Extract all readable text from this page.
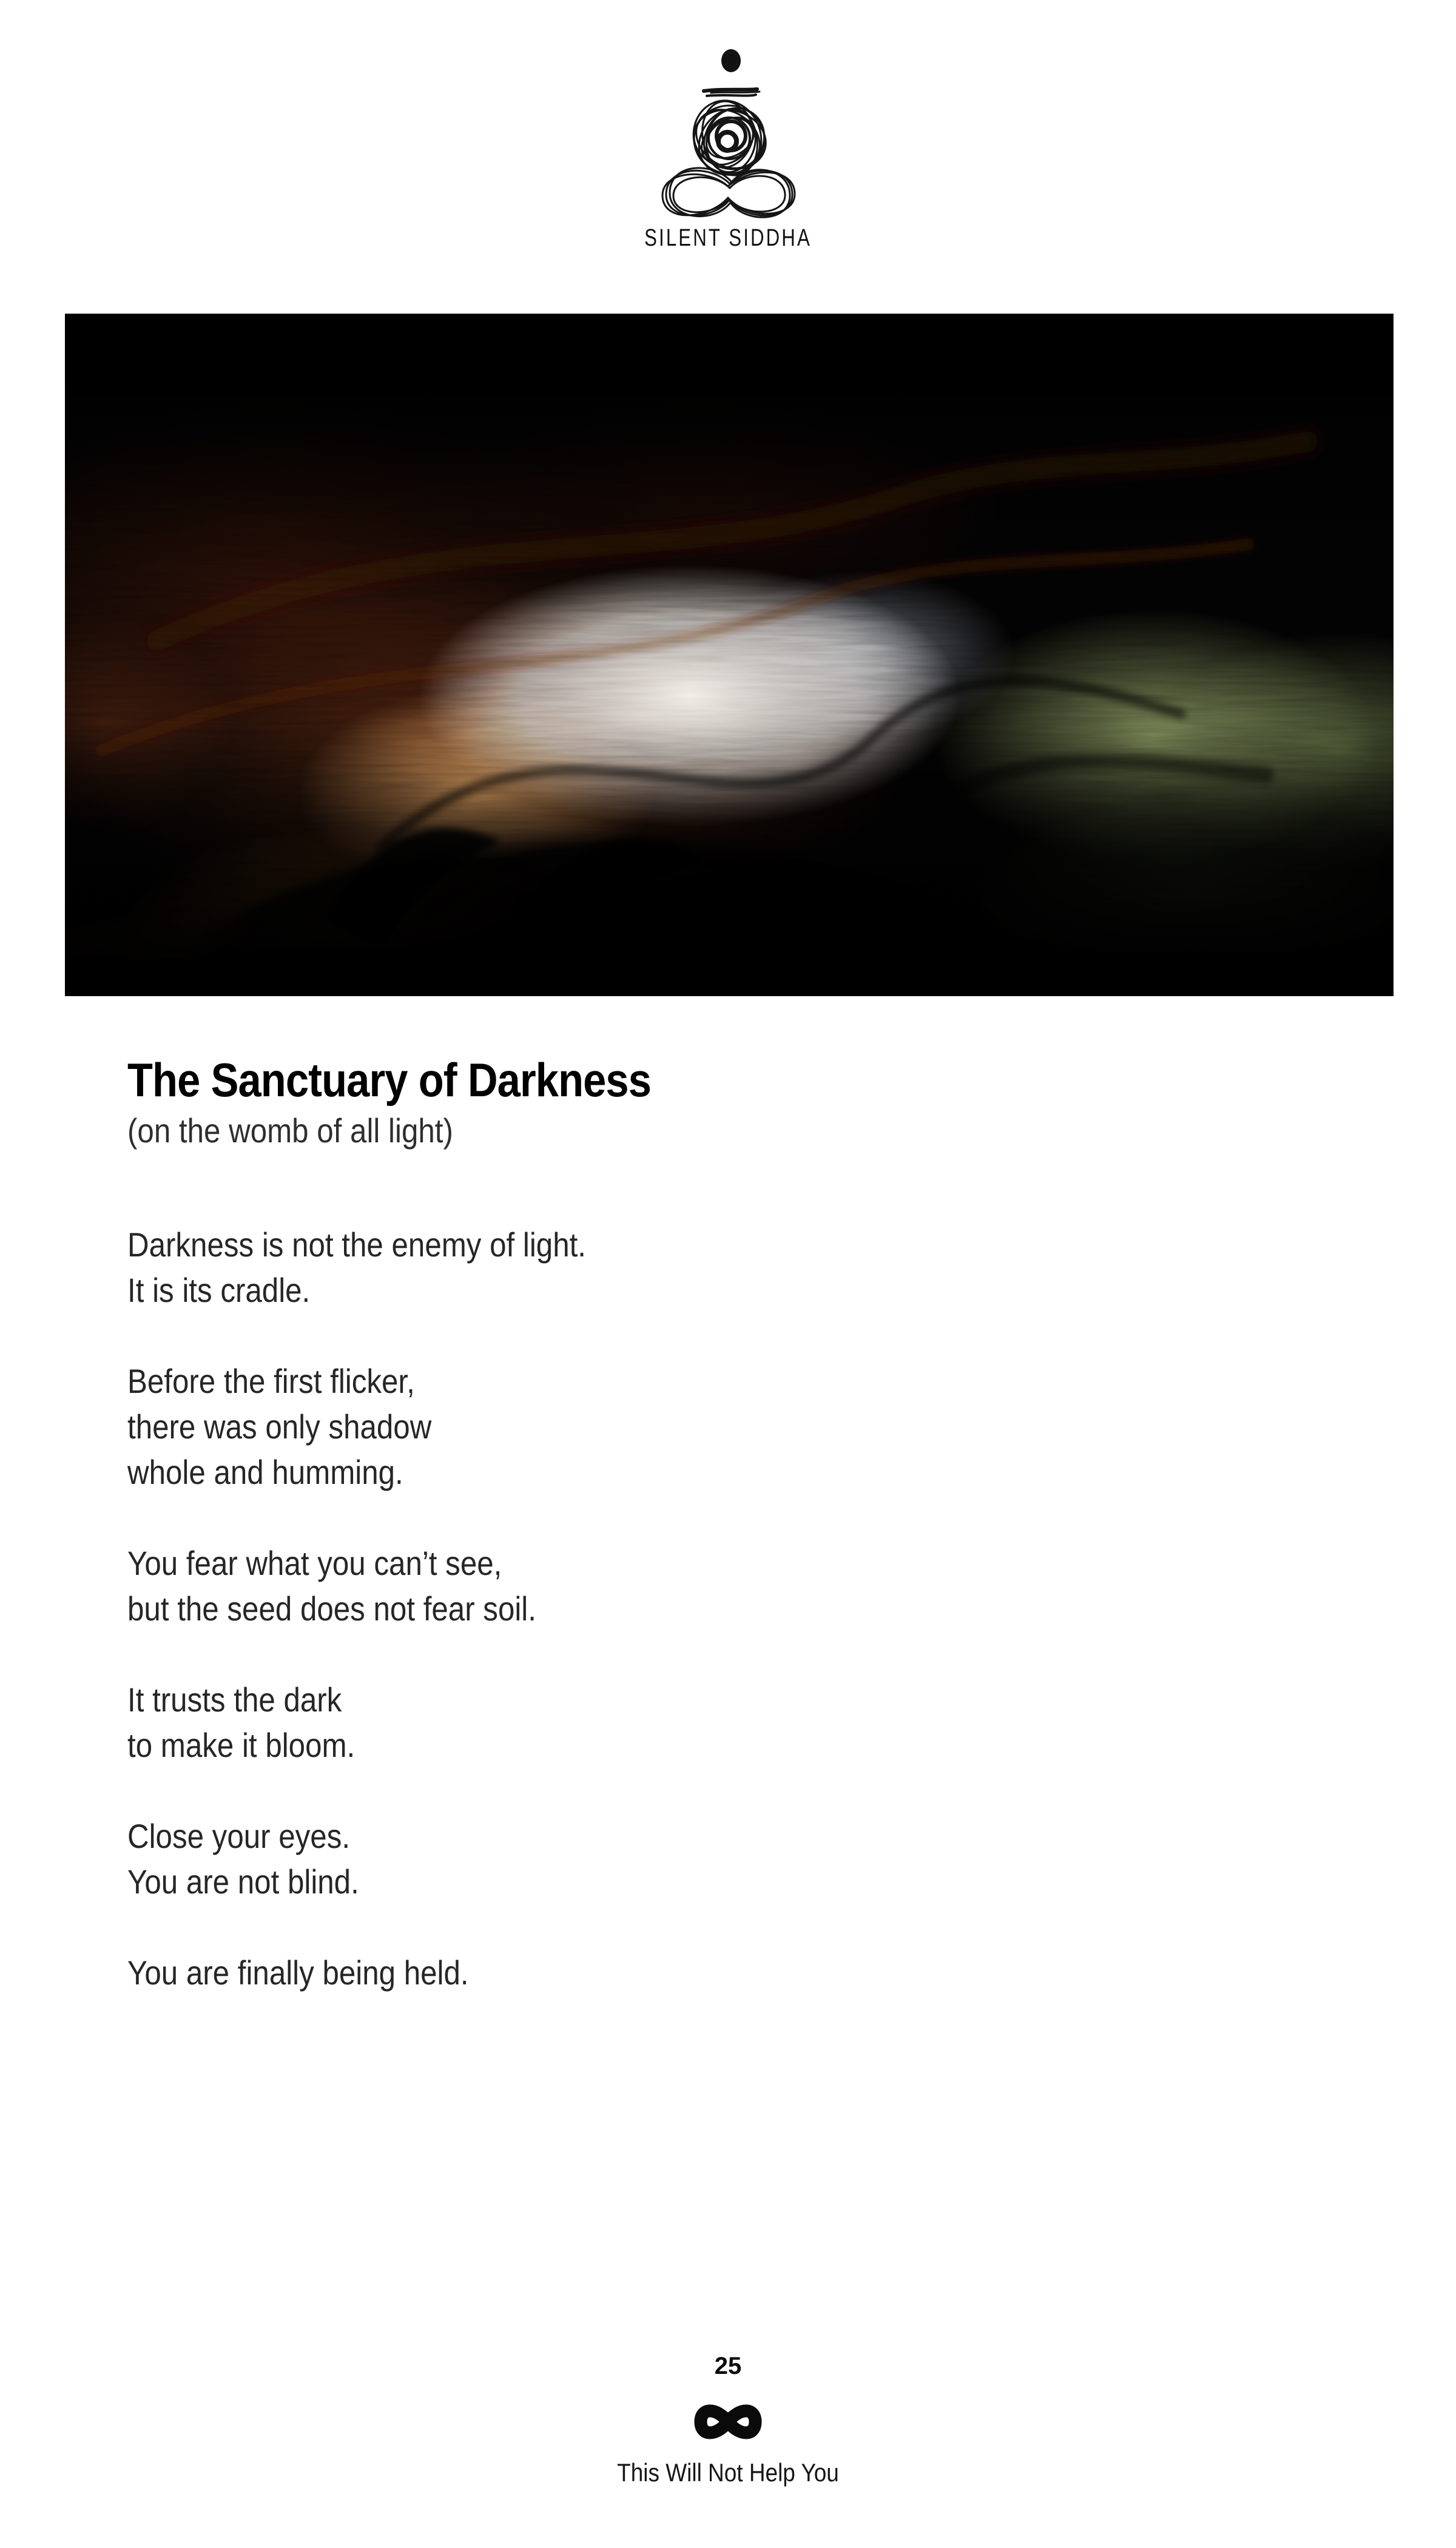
SILENT SIDDHA
The Sanctuary of Darkness
(on the womb of all light)
Darkness is not the enemy of light.
It is its cradle.
Before the first flicker,
there was only shadow
whole and humming.
You fear what you can’t see,
but the seed does not fear soil.
It trusts the dark
to make it bloom.
Close your eyes.
You are not blind.
You are finally being held.
25
This Will Not Help You
